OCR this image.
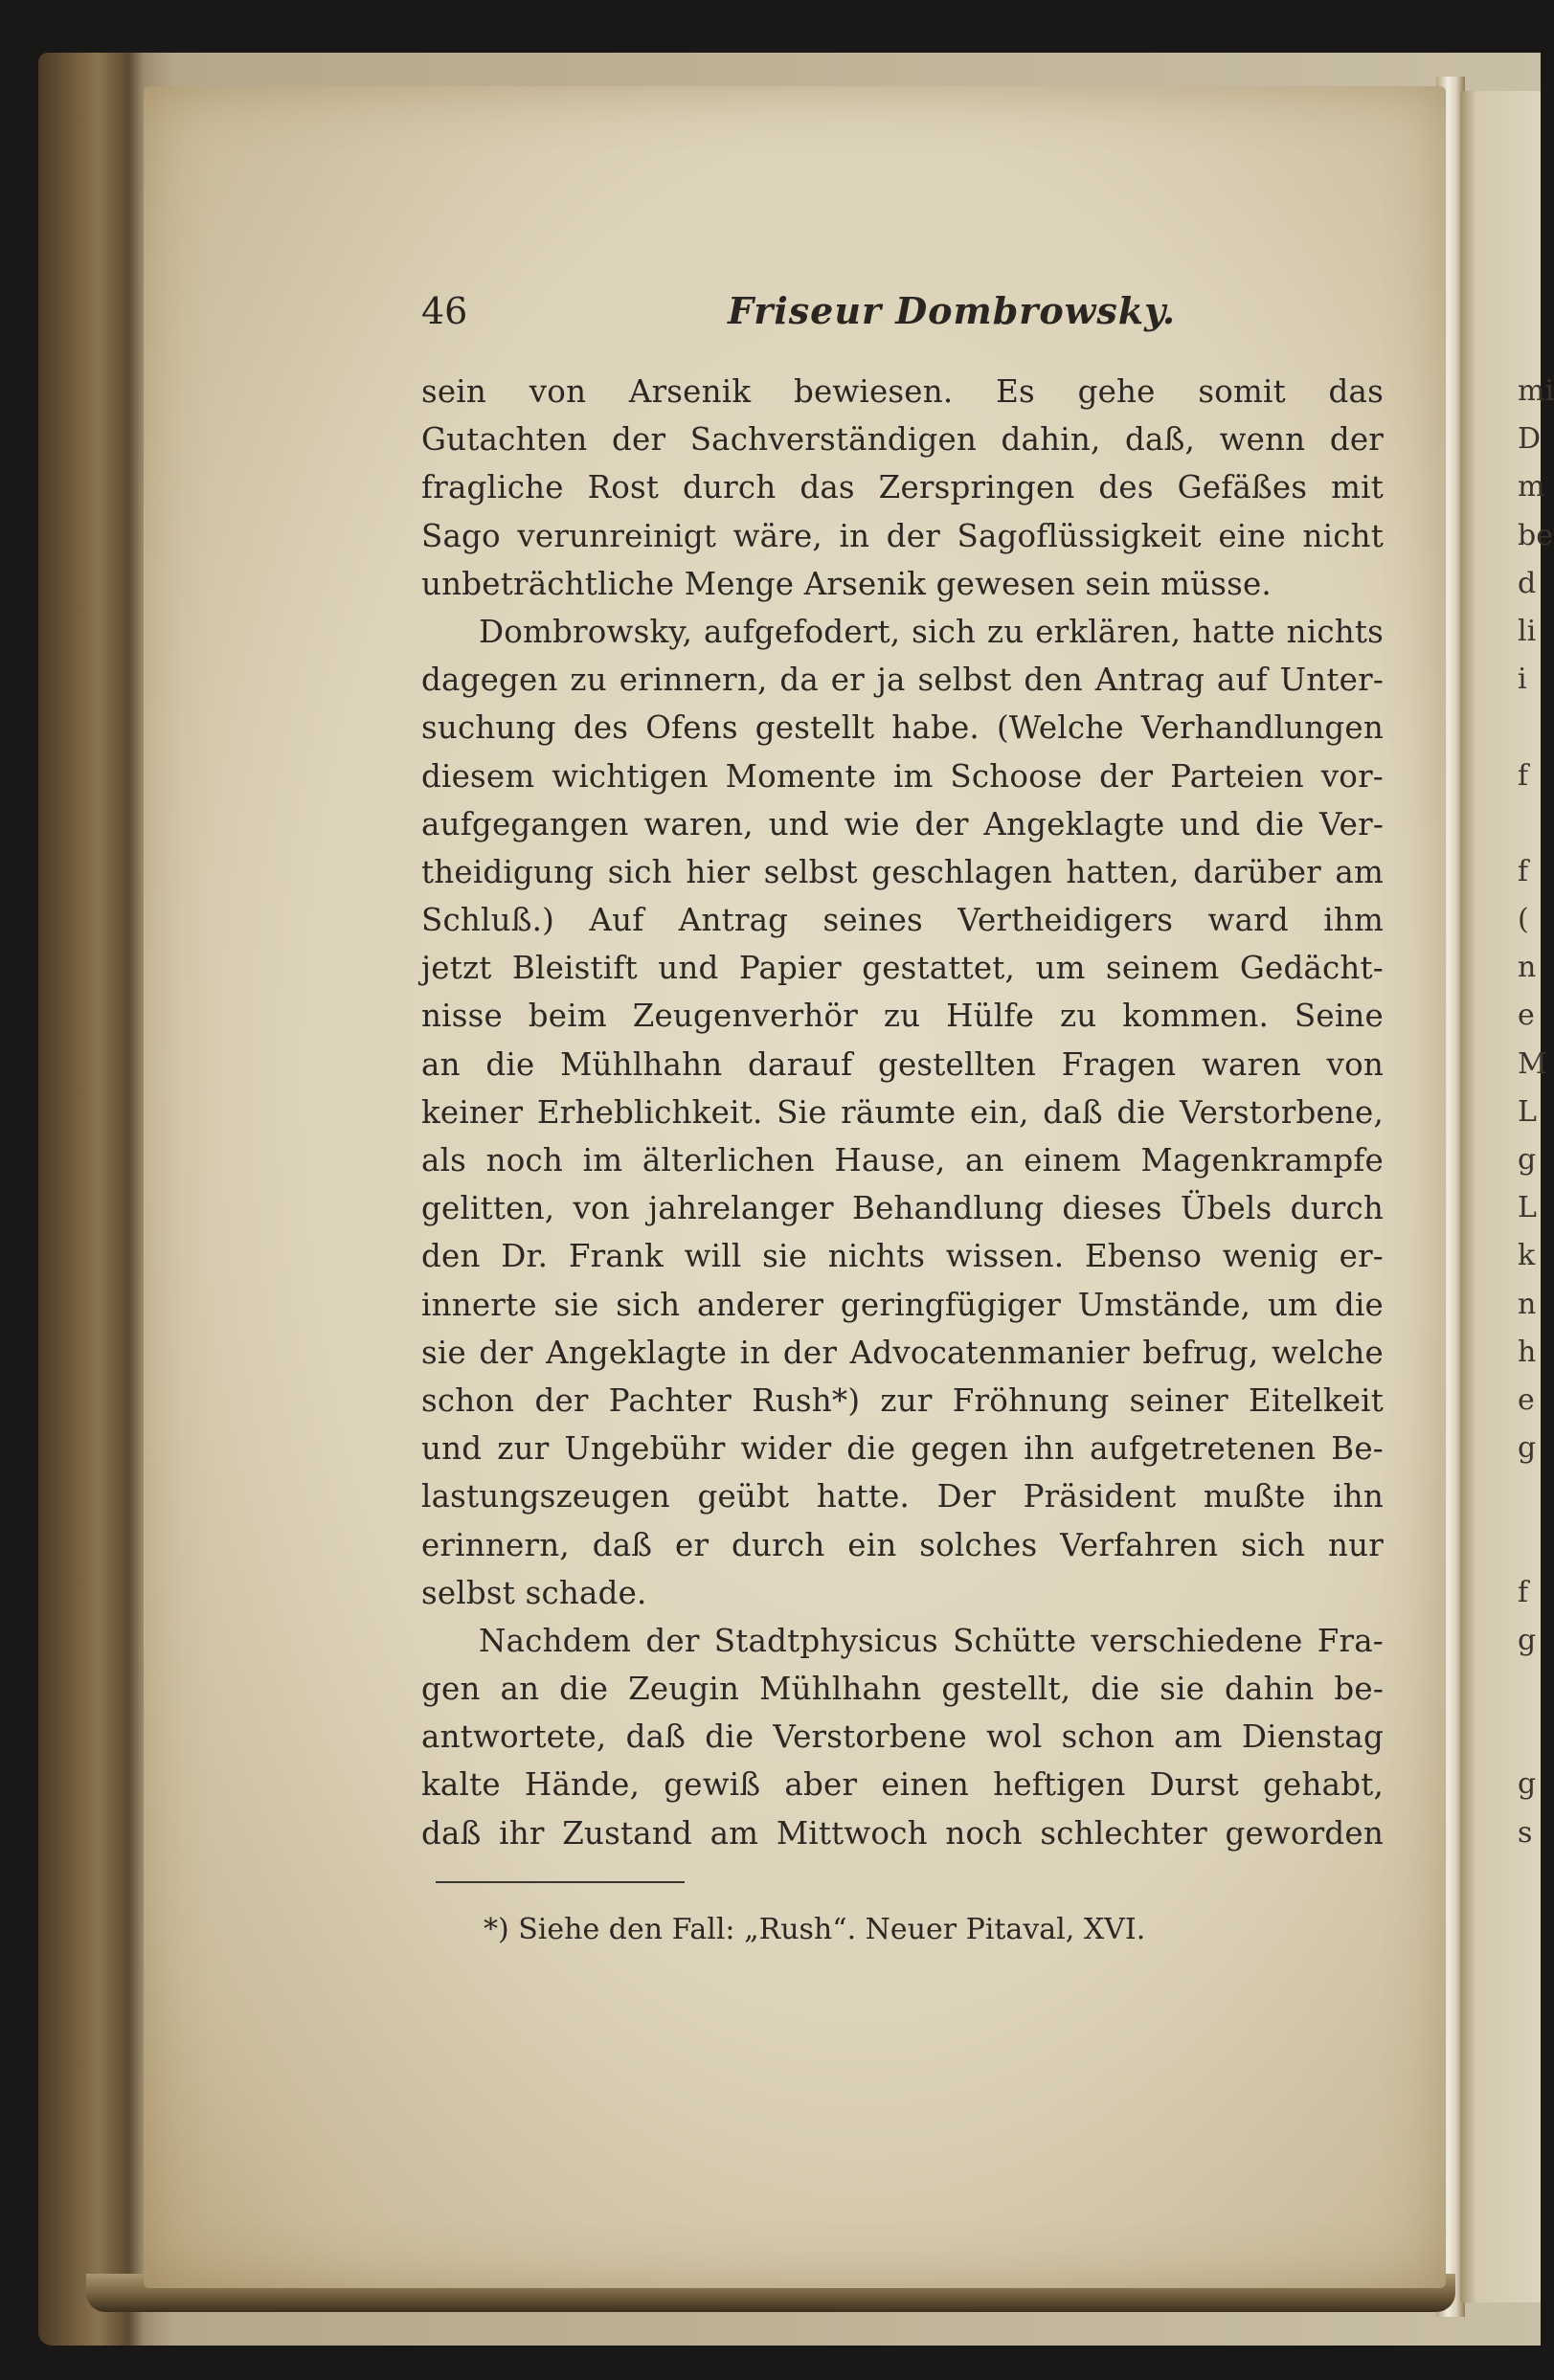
46	Friseur Dombrowsky.
sein von Arsenik bewiesen. Es gehe somit das
Gutachten der Sachverständigen dahin, daß, wenn der
fragliche Rost durch das Zerspringen des Gefäßes mit
Sago verunreinigt wäre, in der Sagoflüssigkeit eine nicht
unbeträchtliche Menge Arsenik gewesen sein müsse.
Dombrowsky, aufgefodert, sich zu erklären, hatte nichts
dagegen zu erinnern, da er ja selbst den Antrag auf Unter-
suchung des Ofens gestellt habe. (Welche Verhandlungen
diesem wichtigen Momente im Schoose der Parteien vor-
aufgegangen waren, und wie der Angeklagte und die Ver-
theidigung sich hier selbst geschlagen hatten, darüber am
Schluß.) Auf Antrag seines Vertheidigers ward ihm
jetzt Bleistift und Papier gestattet, um seinem Gedächt-
nisse beim Zeugenverhör zu Hülfe zu kommen. Seine
an die Mühlhahn darauf gestellten Fragen waren von
keiner Erheblichkeit. Sie räumte ein, daß die Verstorbene,
als noch im älterlichen Hause, an einem Magenkrampfe
gelitten, von jahrelanger Behandlung dieses Übels durch
den Dr. Frank will sie nichts wissen. Ebenso wenig er-
innerte sie sich anderer geringfügiger Umstände, um die
sie der Angeklagte in der Advocatenmanier befrug, welche
schon der Pachter Rush*) zur Fröhnung seiner Eitelkeit
und zur Ungebühr wider die gegen ihn aufgetretenen Be-
lastungszeugen geübt hatte. Der Präsident mußte ihn
erinnern, daß er durch ein solches Verfahren sich nur
selbst schade.
Nachdem der Stadtphysicus Schütte verschiedene Fra-
gen an die Zeugin Mühlhahn gestellt, die sie dahin be-
antwortete, daß die Verstorbene wol schon am Dienstag
kalte Hände, gewiß aber einen heftigen Durst gehabt,
daß ihr Zustand am Mittwoch noch schlechter geworden
*) Siehe den Fall: „Rush“. Neuer Pitaval, XVI.
mi
D
m
be
d
li
i
f
f
(
n
e
M
L
g
L
k
n
h
e
g
f
g
g
s
